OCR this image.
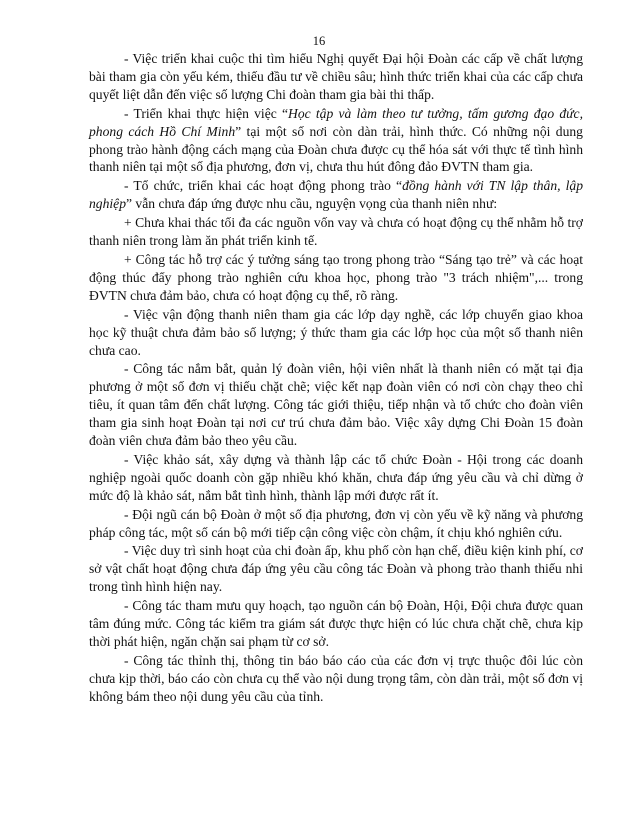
16

- Việc triển khai cuộc thi tìm hiểu Nghị quyết Đại hội Đoàn các cấp về chất lượng bài tham gia còn yếu kém, thiếu đầu tư về chiều sâu; hình thức triển khai của các cấp chưa quyết liệt dẫn đến việc số lượng Chi đoàn tham gia bài thi thấp.

- Triển khai thực hiện việc “Học tập và làm theo tư tưởng, tấm gương đạo đức, phong cách Hồ Chí Minh” tại một số nơi còn dàn trải, hình thức. Có những nội dung phong trào hành động cách mạng của Đoàn chưa được cụ thể hóa sát với thực tế tình hình thanh niên tại một số địa phương, đơn vị, chưa thu hút đông đảo ĐVTN tham gia.

- Tổ chức, triển khai các hoạt động phong trào “đồng hành với TN lập thân, lập nghiệp” vẫn chưa đáp ứng được nhu cầu, nguyện vọng của thanh niên như:

+ Chưa khai thác tối đa các nguồn vốn vay và chưa có hoạt động cụ thể nhằm hỗ trợ thanh niên trong làm ăn phát triển kinh tế.

+ Công tác hỗ trợ các ý tưởng sáng tạo trong phong trào “Sáng tạo trẻ” và các hoạt động thúc đẩy phong trào nghiên cứu khoa học, phong trào "3 trách nhiệm",... trong ĐVTN chưa đảm bảo, chưa có hoạt động cụ thể, rõ ràng.

- Việc vận động thanh niên tham gia các lớp dạy nghề, các lớp chuyển giao khoa học kỹ thuật chưa đảm bảo số lượng; ý thức tham gia các lớp học của một số thanh niên chưa cao.

- Công tác nắm bắt, quản lý đoàn viên, hội viên nhất là thanh niên có mặt tại địa phương ở một số đơn vị thiếu chặt chẽ; việc kết nạp đoàn viên có nơi còn chạy theo chỉ tiêu, ít quan tâm đến chất lượng. Công tác giới thiệu, tiếp nhận và tổ chức cho đoàn viên tham gia sinh hoạt Đoàn tại nơi cư trú chưa đảm bảo. Việc xây dựng Chi Đoàn 15 đoàn đoàn viên chưa đảm bảo theo yêu cầu.

- Việc khảo sát, xây dựng và thành lập các tổ chức Đoàn - Hội trong các doanh nghiệp ngoài quốc doanh còn gặp nhiều khó khăn, chưa đáp ứng yêu cầu và chỉ dừng ở mức độ là khảo sát, nắm bắt tình hình, thành lập mới được rất ít.

- Đội ngũ cán bộ Đoàn ở một số địa phương, đơn vị còn yếu về kỹ năng và phương pháp công tác, một số cán bộ mới tiếp cận công việc còn chậm, ít chịu khó nghiên cứu.

- Việc duy trì sinh hoạt của chi đoàn ấp, khu phố còn hạn chế, điều kiện kinh phí, cơ sở vật chất hoạt động chưa đáp ứng yêu cầu công tác Đoàn và phong trào thanh thiếu nhi trong tình hình hiện nay.

- Công tác tham mưu quy hoạch, tạo nguồn cán bộ Đoàn, Hội, Đội chưa được quan tâm đúng mức. Công tác kiểm tra giám sát được thực hiện có lúc chưa chặt chẽ, chưa kịp thời phát hiện, ngăn chặn sai phạm từ cơ sở.

- Công tác thỉnh thị, thông tin báo báo cáo của các đơn vị trực thuộc đôi lúc còn chưa kịp thời, báo cáo còn chưa cụ thể vào nội dung trọng tâm, còn dàn trải, một số đơn vị không bám theo nội dung yêu cầu của tỉnh.
